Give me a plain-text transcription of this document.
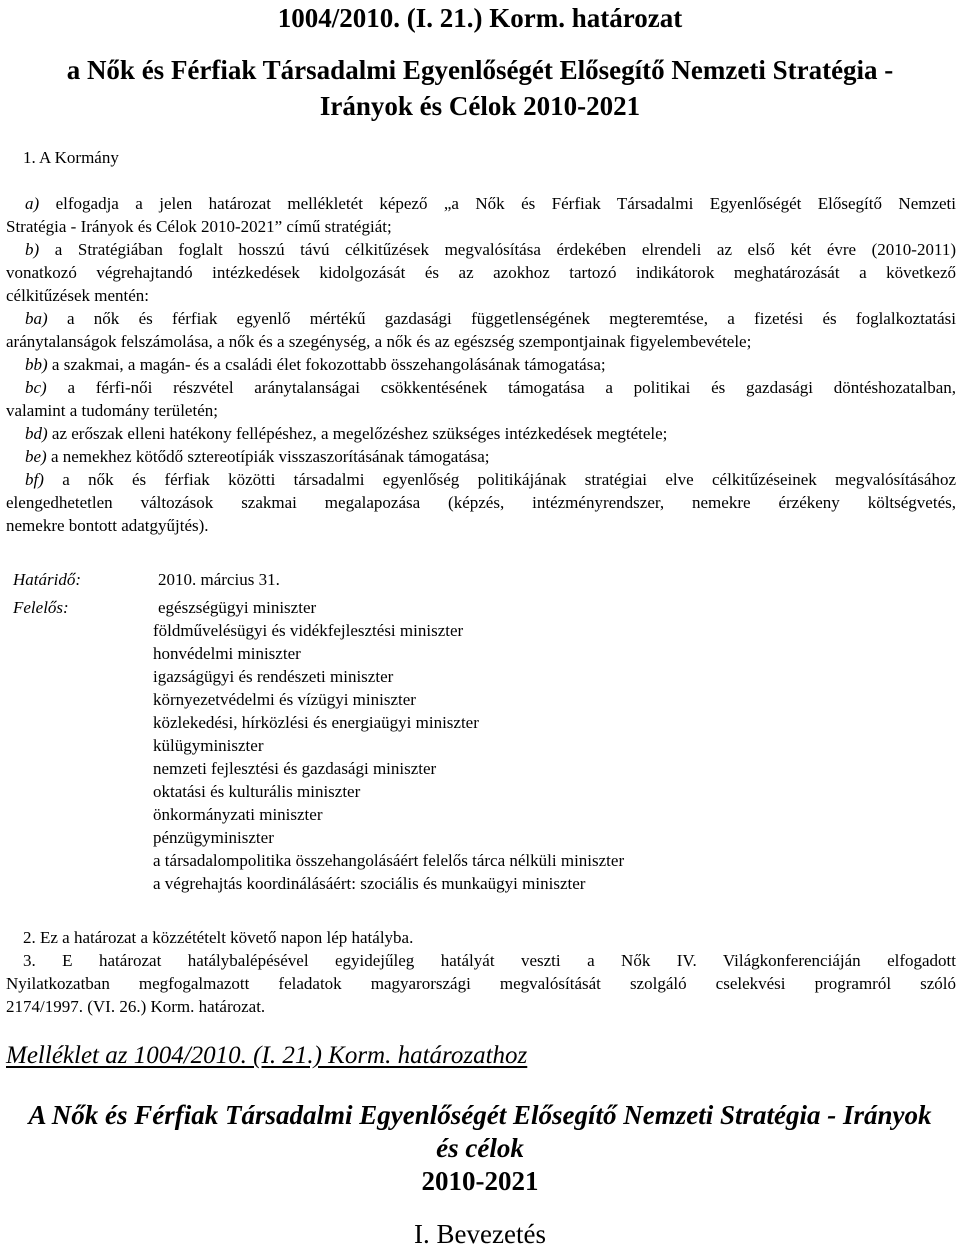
1004/2010. (I. 21.) Korm. határozat
a Nők és Férfiak Társadalmi Egyenlőségét Elősegítő Nemzeti Stratégia -
Irányok és Célok 2010-2021
1. A Kormány

a) elfogadja a jelen határozat mellékletét képező „a Nők és Férfiak Társadalmi Egyenlőségét Elősegítő Nemzeti

Stratégia - Irányok és Célok 2010-2021” című stratégiát;

b) a Stratégiában foglalt hosszú távú célkitűzések megvalósítása érdekében elrendeli az első két évre (2010-2011)

vonatkozó végrehajtandó intézkedések kidolgozását és az azokhoz tartozó indikátorok meghatározását a következő

célkitűzések mentén:

ba) a nők és férfiak egyenlő mértékű gazdasági függetlenségének megteremtése, a fizetési és foglalkoztatási

aránytalanságok felszámolása, a nők és a szegénység, a nők és az egészség szempontjainak figyelembevétele;

bb) a szakmai, a magán- és a családi élet fokozottabb összehangolásának támogatása;

bc) a férfi-női részvétel aránytalanságai csökkentésének támogatása a politikai és gazdasági döntéshozatalban,

valamint a tudomány területén;

bd) az erőszak elleni hatékony fellépéshez, a megelőzéshez szükséges intézkedések megtétele;

be) a nemekhez kötődő sztereotípiák visszaszorításának támogatása;

bf) a nők és férfiak közötti társadalmi egyenlőség politikájának stratégiai elve célkitűzéseinek megvalósításához

elengedhetetlen változások szakmai megalapozása (képzés, intézményrendszer, nemekre érzékeny költségvetés,

nemekre bontott adatgyűjtés).

Határidő:	2010. március 31.
Felelős:	egészségügyi miniszter
földművelésügyi és vidékfejlesztési miniszter
honvédelmi miniszter
igazságügyi és rendészeti miniszter
környezetvédelmi és vízügyi miniszter
közlekedési, hírközlési és energiaügyi miniszter
külügyminiszter
nemzeti fejlesztési és gazdasági miniszter
oktatási és kulturális miniszter
önkormányzati miniszter
pénzügyminiszter
a társadalompolitika összehangolásáért felelős tárca nélküli miniszter
a végrehajtás koordinálásáért: szociális és munkaügyi miniszter
2. Ez a határozat a közzétételt követő napon lép hatályba.

3. E határozat hatálybalépésével egyidejűleg hatályát veszti a Nők IV. Világkonferenciáján elfogadott

Nyilatkozatban megfogalmazott feladatok magyarországi megvalósítását szolgáló cselekvési programról szóló

2174/1997. (VI. 26.) Korm. határozat.

Melléklet az 1004/2010. (I. 21.) Korm. határozathoz
A Nők és Férfiak Társadalmi Egyenlőségét Elősegítő Nemzeti Stratégia - Irányok
és célok
2010-2021
I. Bevezetés
